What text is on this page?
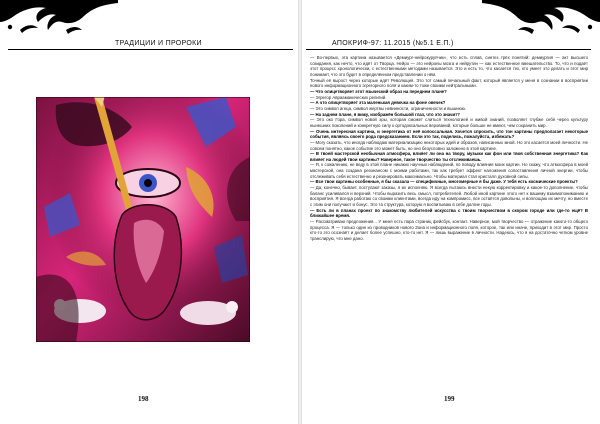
ТРАДИЦИИ И ПРОРОКИ
198
АПОКРИФ-97: 11.2015 (№5.1 Е.П.)

— Во-первых, эта картина называется «Демиург-нейрокурупчик», что есть сплав, синтез трёх понятий: демиургия — акт высшего созидания, как нечто, что идёт от Творца. Нейро — это нейроны мозга и нейрутин — как естественное вмешательство. То, что и подаёт этот процесс хронологически, с естественными методами называется. Это и есть то, что касается тех, кто умеет это делать и этот мир понимает, что это будет в определённом представлении о нём.

Точный её вырост через которые идёт Революция. Это тот самый печальный факт, который является у меня в сознании в восприятии нового информационного эгрегорного поля и каким-то тоже своими нейтральными.

— Что олицетворяет этот языческий образ на переднем плане?

— Эгрегор Аврааманических религий.

— А что олицетворяет эта маленькая девочка на фоне овечек?

— Это символ агнца, символ жертвы невинности, ограниченности и вышнюю.

— На заднем плане, я вижу, изображён большой глаз, что это значит?

— Это око Гора, символ новой эры, которая сможет слиться технологией и живой знаний, позволяет глубже себя через культуру нынешних поколений и конкретную силу к ортодоксальных верований, которые больше не имеют, чем сохранить мир.

— Очень интересная картина, и энергетика от неё колоссальная. Хочется спросить, что тон картины предполагает некоторые события, являясь своего рода предсказанием. Если это так, поделись, пожалуйста, избежать?

— Могу сказать, что иногда наблюдаю материализацию некоторых идей и образов, написанных мной. Но это касается моей личности. Не совсем понятно, какое событие это может быть, но оно безусловно заложено в этой картине.

— В твоей мастерской необычная атмосфера, влияет ли она на твору, музыки как фон или твоя собственная энергетика? Как влияет на людей твои картины? Наверное, такое творчество ты отслеживаешь.

— Я, к сожалению, не веду в этой плане никаких научных наблюдений, по поводу влияния моих картин. Но скажу, что атмосфера в моей мастерской, она создана резонансом с моими работами, так как требует эффект наложения сопоставления личной энергии, чтобы отслеживать себя естественно и резонировать максимально. Чтобы материал стал кристалл духовной силы.

— Все твои картины особенные, я бы сказала — специфичные, многомерные я бы даже. У тебя есть космические проекты?

— Да, конечно, бывает, поступают заказы, я их исполняю. Я всегда пытаюсь внести некую корректировку и какое-то дополнение, чтобы баланс усиливался и верхний. Чтобы выразить весь смысл, потребителей. Любой иной картине этого нет к вашему взаимопониманию и восприятия. Я всегда работаю со своими клиентами, всегда иду на компромисс, все остаётся довольны, и воплощаю их мечту, но вместе с этим они получают и бонус. Это та структура, которую я воспитываю в себе долгие годы.

— Есть ли в планах проект по знакомству любителей искусства с твоим творчеством в скором городе или где-то ещё? В ближайшее время.

— Рассматриваю предложения... У меня есть пара страниц фейсбук, контакт. Наверное, мой творчество — отражение какого-то общего процесса. Я — только один из проводников нового Зона и информационного поля, которое, так или иначе, приходит в этот мир. Просто кто-то это осознаёт и делает более успешно, кто-то нет. Я — лишь выражение в личности. Надеюсь, что я на достаточно четком уровне транслирую, что мне дано.

199
